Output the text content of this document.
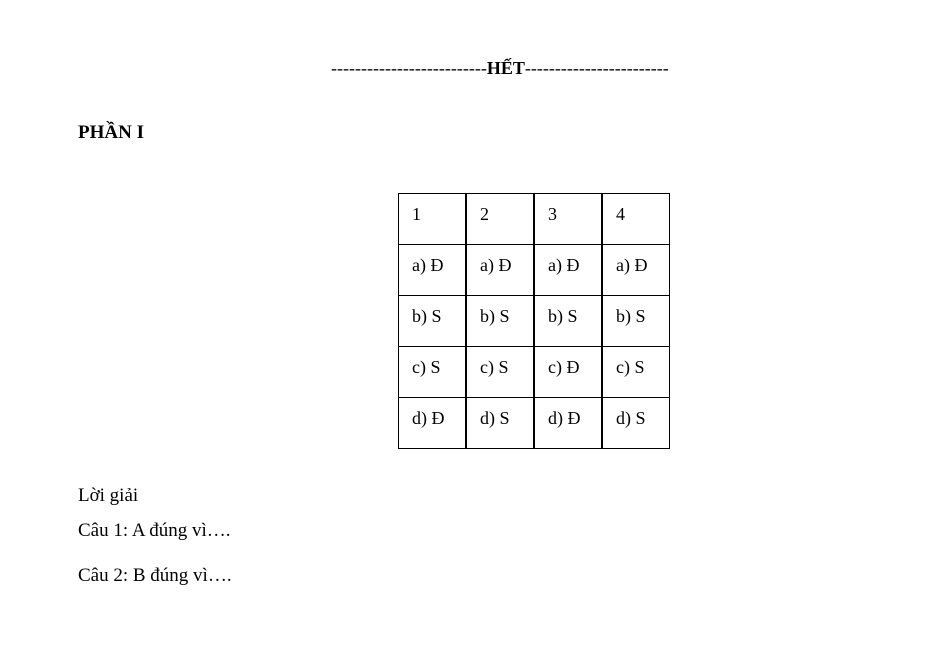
--------------------------HẾT------------------------
PHẦN I
1	2	3	4
a) Đ	a) Đ	a) Đ	a) Đ
b) S	b) S	b) S	b) S
c) S	c) S	c) Đ	c) S
d) Đ	d) S	d) Đ	d) S
Lời giải
Câu 1: A đúng vì….
Câu 2: B đúng vì….
